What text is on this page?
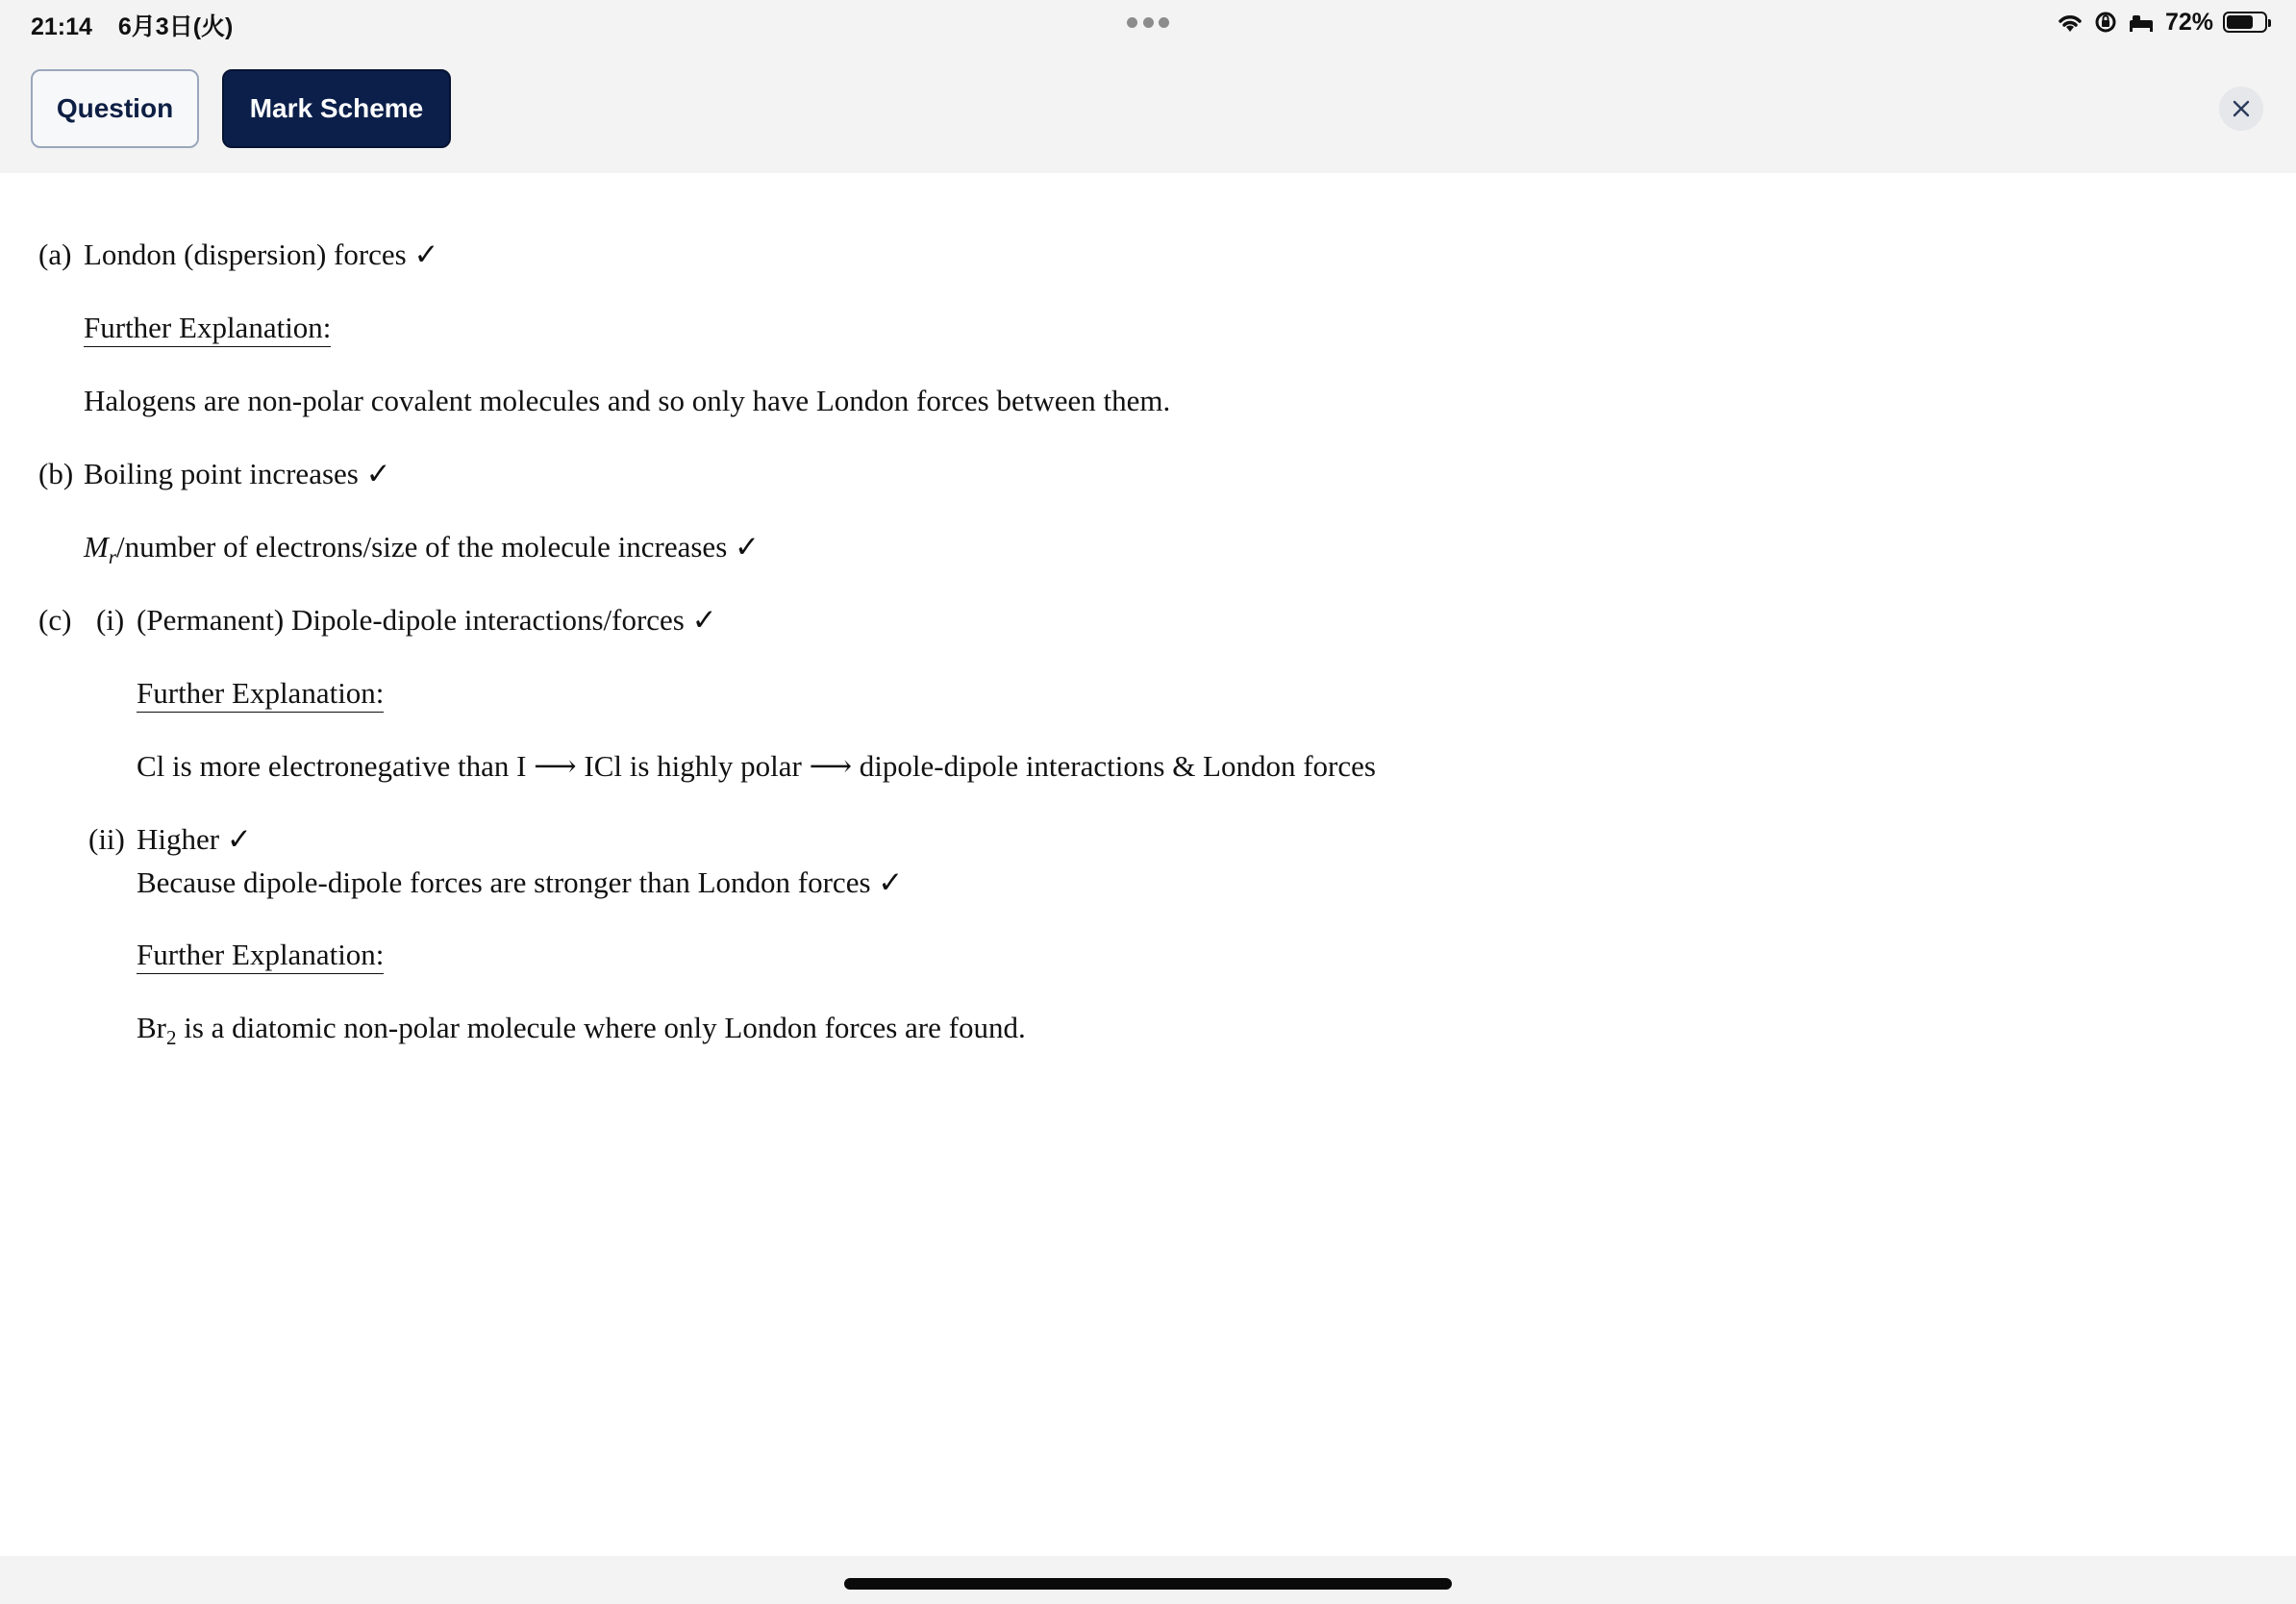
21:14 6月3日(火)	72%
Question	Mark Scheme
(a) London (dispersion) forces ✓
Further Explanation:
Halogens are non-polar covalent molecules and so only have London forces between them.
(b) Boiling point increases ✓
$M_r$/number of electrons/size of the molecule increases ✓
(c) (i) (Permanent) Dipole-dipole interactions/forces ✓
Further Explanation:
Cl is more electronegative than I ⟶ ICl is highly polar ⟶ dipole-dipole interactions & London forces
(ii) Higher ✓
Because dipole-dipole forces are stronger than London forces ✓
Further Explanation:
$Br_2$ is a diatomic non-polar molecule where only London forces are found.
